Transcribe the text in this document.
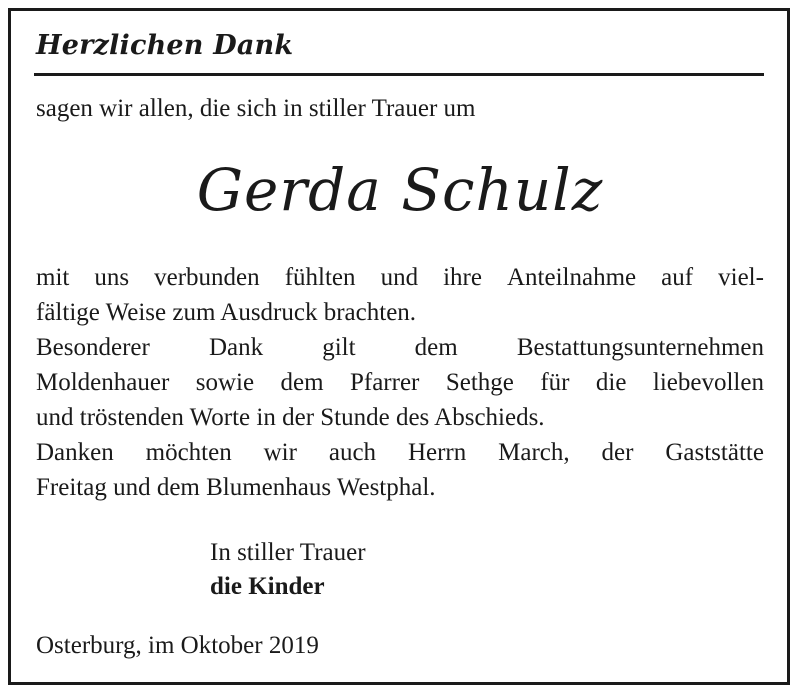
Herzlichen Dank
sagen wir allen, die sich in stiller Trauer um
Gerda Schulz
mit uns verbunden fühlten und ihre Anteilnahme auf viel-
fältige Weise zum Ausdruck brachten.
Besonderer Dank gilt dem Bestattungsunternehmen
Moldenhauer sowie dem Pfarrer Sethge für die liebevollen
und tröstenden Worte in der Stunde des Abschieds.
Danken möchten wir auch Herrn March, der Gaststätte
Freitag und dem Blumenhaus Westphal.
In stiller Trauer
die Kinder
Osterburg, im Oktober 2019
